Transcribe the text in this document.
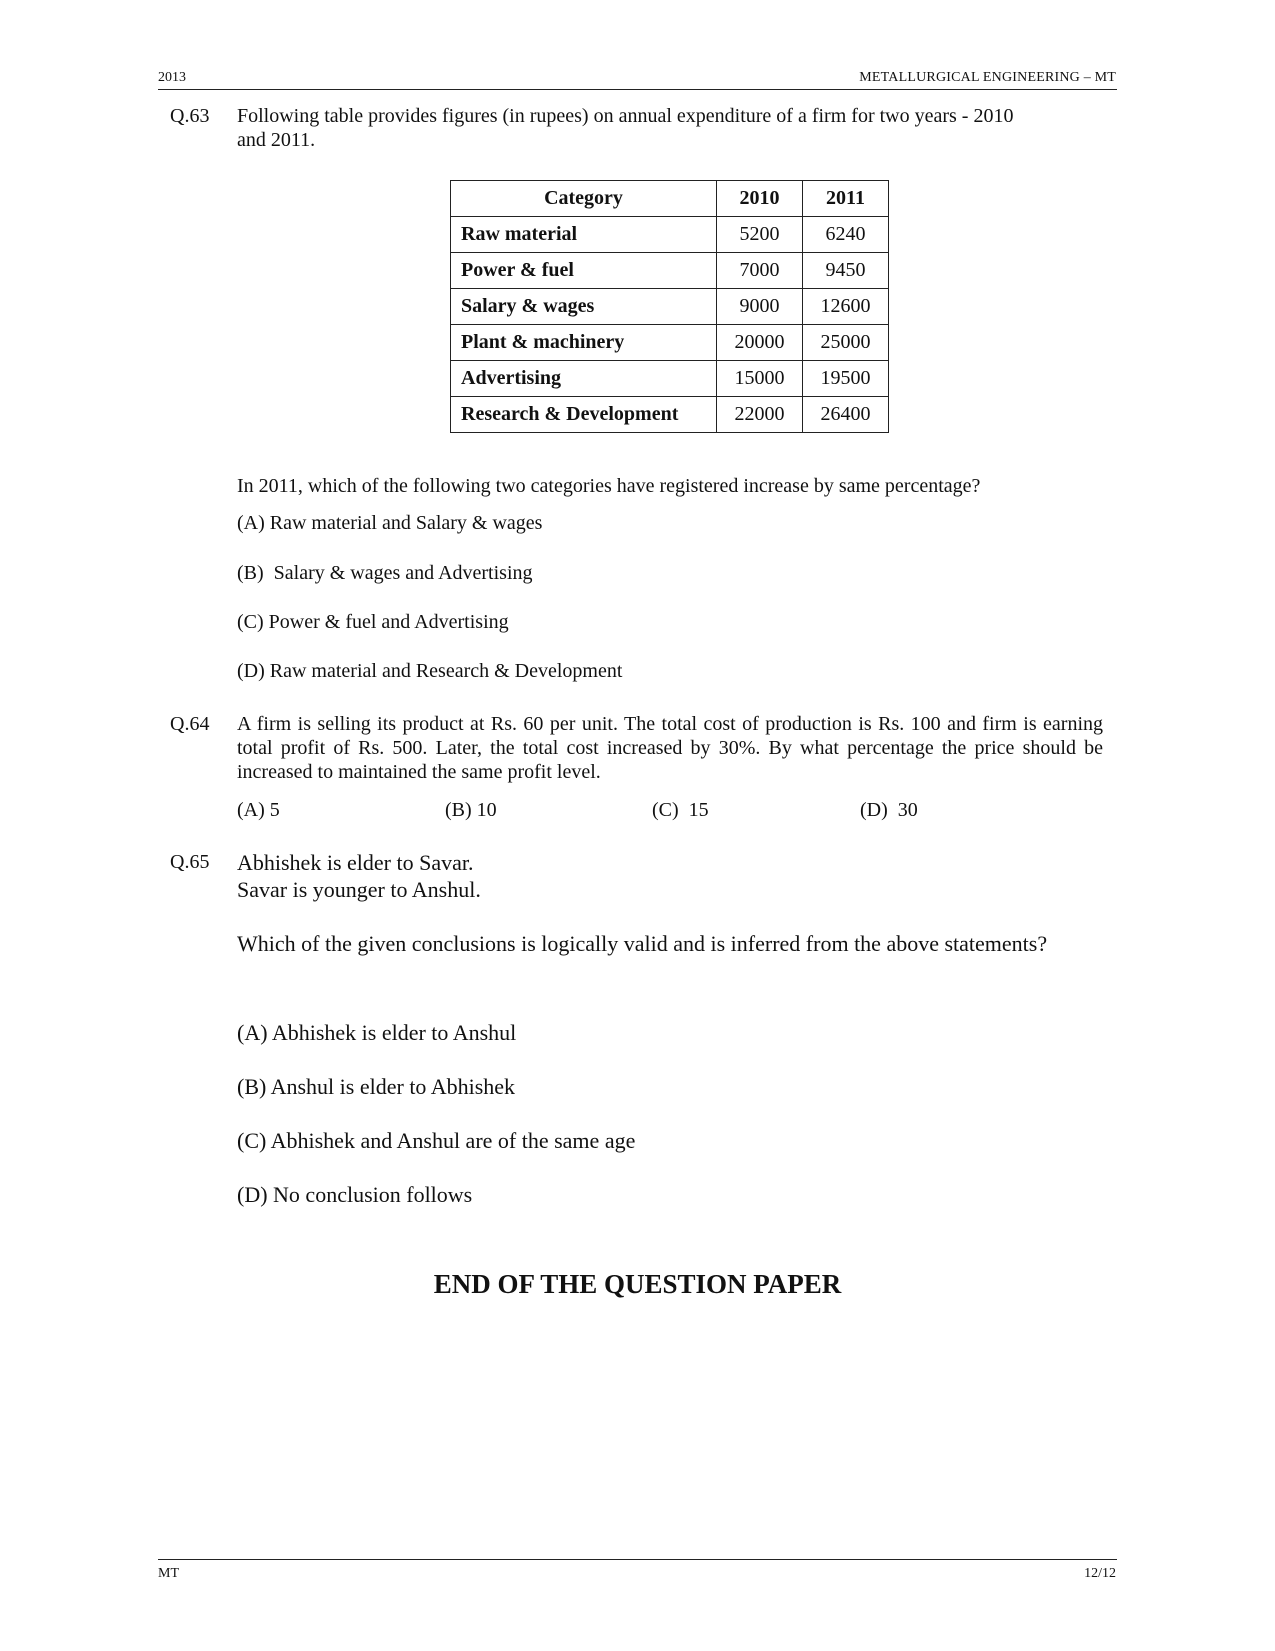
2013	METALLURGICAL ENGINEERING – MT
Q.63 Following table provides figures (in rupees) on annual expenditure of a firm for two years - 2010
and 2011.
Category	2010	2011
Raw material	5200	6240
Power & fuel	7000	9450
Salary & wages	9000	12600
Plant & machinery	20000	25000
Advertising	15000	19500
Research & Development	22000	26400
In 2011, which of the following two categories have registered increase by same percentage?
(A) Raw material and Salary & wages
(B)  Salary & wages and Advertising
(C) Power & fuel and Advertising
(D) Raw material and Research & Development
Q.64 A firm is selling its product at Rs. 60 per unit. The total cost of production is Rs. 100 and firm is earning total profit of Rs. 500. Later, the total cost increased by 30%. By what percentage the price should be increased to maintained the same profit level.
(A) 5	(B) 10	(C)  15	(D)  30
Q.65 Abhishek is elder to Savar.
Savar is younger to Anshul.
Which of the given conclusions is logically valid and is inferred from the above statements?
(A) Abhishek is elder to Anshul
(B) Anshul is elder to Abhishek
(C) Abhishek and Anshul are of the same age
(D) No conclusion follows
END OF THE QUESTION PAPER
MT	12/12
